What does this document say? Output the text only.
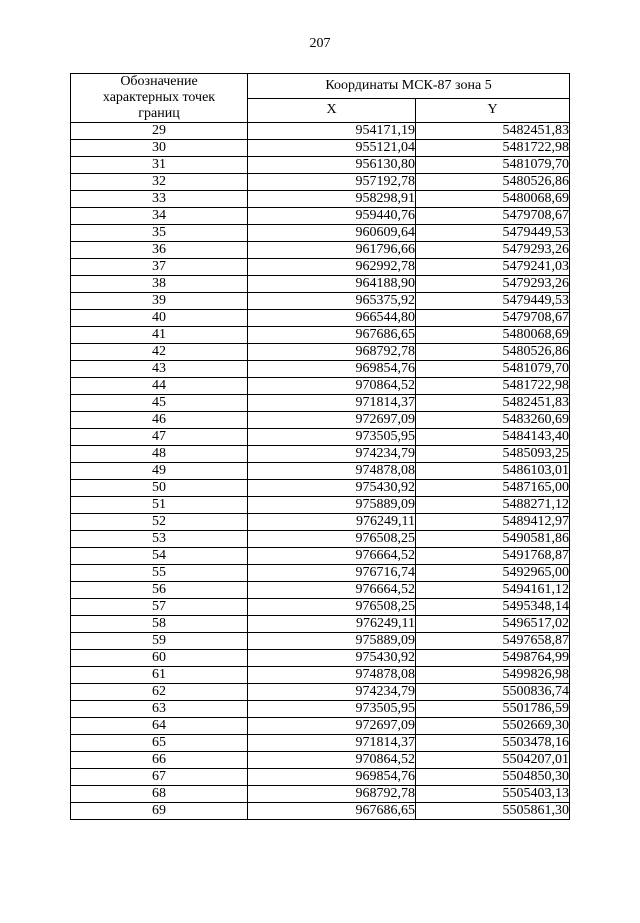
207
Обозначение
характерных точек
границ	Координаты МСК-87 зона 5	
	X	Y
29	954171,19	5482451,83
30	955121,04	5481722,98
31	956130,80	5481079,70
32	957192,78	5480526,86
33	958298,91	5480068,69
34	959440,76	5479708,67
35	960609,64	5479449,53
36	961796,66	5479293,26
37	962992,78	5479241,03
38	964188,90	5479293,26
39	965375,92	5479449,53
40	966544,80	5479708,67
41	967686,65	5480068,69
42	968792,78	5480526,86
43	969854,76	5481079,70
44	970864,52	5481722,98
45	971814,37	5482451,83
46	972697,09	5483260,69
47	973505,95	5484143,40
48	974234,79	5485093,25
49	974878,08	5486103,01
50	975430,92	5487165,00
51	975889,09	5488271,12
52	976249,11	5489412,97
53	976508,25	5490581,86
54	976664,52	5491768,87
55	976716,74	5492965,00
56	976664,52	5494161,12
57	976508,25	5495348,14
58	976249,11	5496517,02
59	975889,09	5497658,87
60	975430,92	5498764,99
61	974878,08	5499826,98
62	974234,79	5500836,74
63	973505,95	5501786,59
64	972697,09	5502669,30
65	971814,37	5503478,16
66	970864,52	5504207,01
67	969854,76	5504850,30
68	968792,78	5505403,13
69	967686,65	5505861,30
